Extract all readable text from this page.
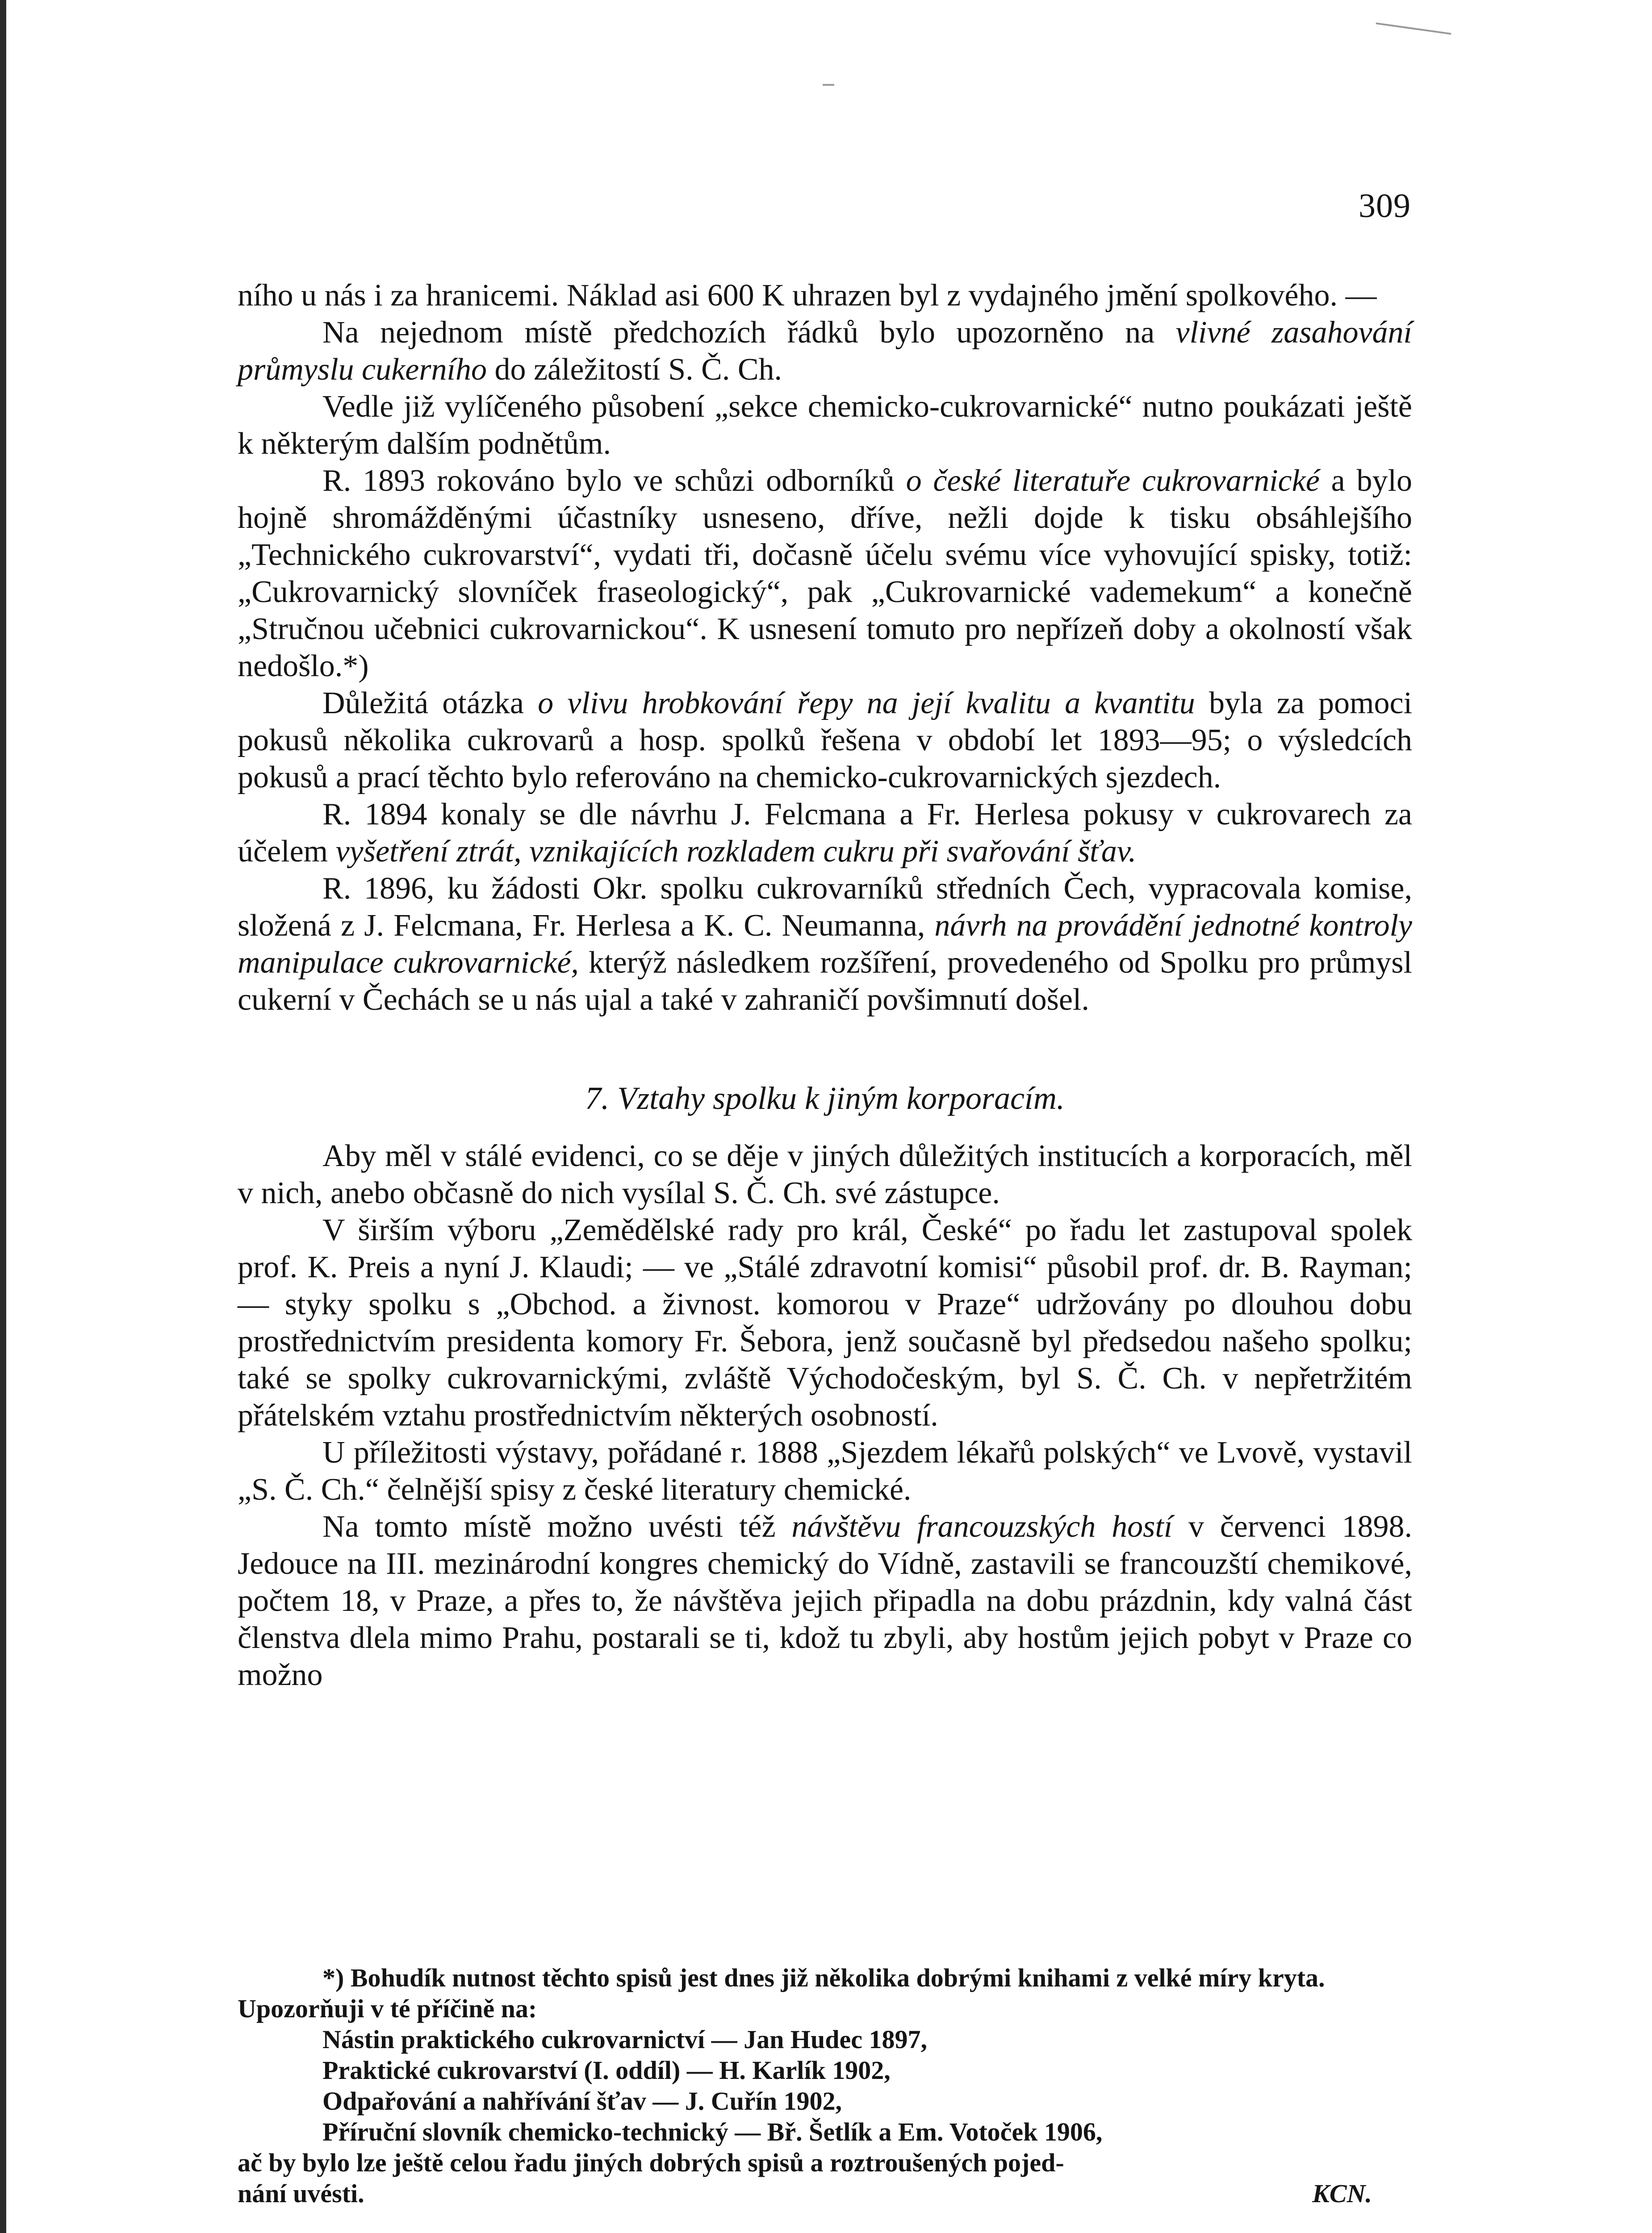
309

ního u nás i za hranicemi. Náklad asi 600 K uhrazen byl z vydajného jmění spolkového. —

Na nejednom místě předchozích řádků bylo upozorněno na vlivné zasahování průmyslu cukerního do záležitostí S. Č. Ch.

Vedle již vylíčeného působení „sekce chemicko-cukrovarnické“ nutno poukázati ještě k některým dalším podnětům.

R. 1893 rokováno bylo ve schůzi odborníků o české literatuře cukrovarnické a bylo hojně shromážděnými účastníky usneseno, dříve, nežli dojde k tisku obsáhlejšího „Technického cukrovarství“, vydati tři, dočasně účelu svému více vyhovující spisky, totiž: „Cukrovarnický slovníček fraseologický“, pak „Cukrovarnické vademekum“ a konečně „Stručnou učebnici cukrovarnickou“. K usnesení tomuto pro nepřízeň doby a okolností však nedošlo.*)

Důležitá otázka o vlivu hrobkování řepy na její kvalitu a kvantitu byla za pomoci pokusů několika cukrovarů a hosp. spolků řešena v období let 1893—95; o výsledcích pokusů a prací těchto bylo referováno na chemicko-cukrovarnických sjezdech.

R. 1894 konaly se dle návrhu J. Felcmana a Fr. Herlesa pokusy v cukrovarech za účelem vyšetření ztrát, vznikajících rozkladem cukru při svařování šťav.

R. 1896, ku žádosti Okr. spolku cukrovarníků středních Čech, vypracovala komise, složená z J. Felcmana, Fr. Herlesa a K. C. Neumanna, návrh na provádění jednotné kontroly manipulace cukrovarnické, kterýž následkem rozšíření, provedeného od Spolku pro průmysl cukerní v Čechách se u nás ujal a také v zahraničí povšimnutí došel.

7. Vztahy spolku k jiným korporacím.

Aby měl v stálé evidenci, co se děje v jiných důležitých institucích a korporacích, měl v nich, anebo občasně do nich vysílal S. Č. Ch. své zástupce.

V širším výboru „Zemědělské rady pro král, České“ po řadu let zastupoval spolek prof. K. Preis a nyní J. Klaudi; — ve „Stálé zdravotní komisi“ působil prof. dr. B. Rayman; — styky spolku s „Obchod. a živnost. komorou v Praze“ udržovány po dlouhou dobu prostřednictvím presidenta komory Fr. Šebora, jenž současně byl předsedou našeho spolku; také se spolky cukrovarnickými, zvláště Východočeským, byl S. Č. Ch. v nepřetržitém přátelském vztahu prostřednictvím některých osobností.

U příležitosti výstavy, pořádané r. 1888 „Sjezdem lékařů polských“ ve Lvově, vystavil „S. Č. Ch.“ čelnější spisy z české literatury chemické.

Na tomto místě možno uvésti též návštěvu francouzských hostí v červenci 1898. Jedouce na III. mezinárodní kongres chemický do Vídně, zastavili se francouzští chemikové, počtem 18, v Praze, a přes to, že návštěva jejich připadla na dobu prázdnin, kdy valná část členstva dlela mimo Prahu, postarali se ti, kdož tu zbyli, aby hostům jejich pobyt v Praze co možno

*) Bohudík nutnost těchto spisů jest dnes již několika dobrými knihami z velké míry kryta. Upozorňuji v té příčině na:

Nástin praktického cukrovarnictví — Jan Hudec 1897,

Praktické cukrovarství (I. oddíl) — H. Karlík 1902,

Odpařování a nahřívání šťav — J. Cuřín 1902,

Příruční slovník chemicko-technický — Bř. Šetlík a Em. Votoček 1906,

ač by bylo lze ještě celou řadu jiných dobrých spisů a roztroušených pojed-

nání uvésti.	KCN.
